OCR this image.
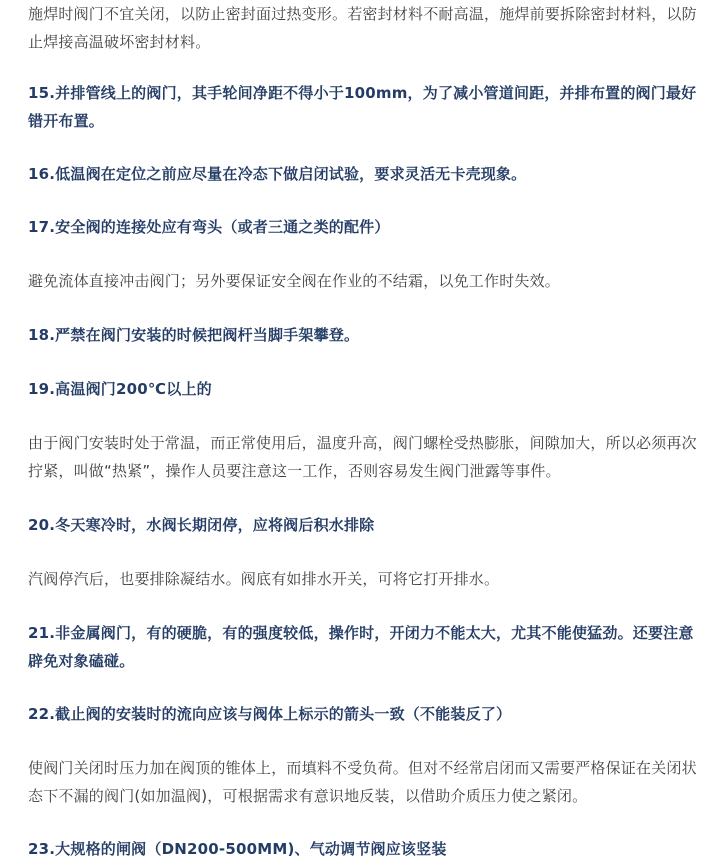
施焊时阀门不宜关闭，以防止密封面过热变形。若密封材料不耐高温，施焊前要拆除密封材料，以防止焊接高温破坏密封材料。

15.并排管线上的阀门，其手轮间净距不得小于100mm，为了减小管道间距，并排布置的阀门最好错开布置。

16.低温阀在定位之前应尽量在冷态下做启闭试验，要求灵活无卡壳现象。

17.安全阀的连接处应有弯头（或者三通之类的配件）

避免流体直接冲击阀门；另外要保证安全阀在作业的不结霜，以免工作时失效。

18.严禁在阀门安装的时候把阀杆当脚手架攀登。

19.高温阀门200℃以上的

由于阀门安装时处于常温，而正常使用后，温度升高，阀门螺栓受热膨胀，间隙加大，所以必须再次拧紧，叫做“热紧”，操作人员要注意这一工作，否则容易发生阀门泄露等事件。

20.冬天寒冷时，水阀长期闭停，应将阀后积水排除

汽阀停汽后，也要排除凝结水。阀底有如排水开关，可将它打开排水。

21.非金属阀门，有的硬脆，有的强度较低，操作时，开闭力不能太大，尤其不能使猛劲。还要注意辟免对象磕碰。

22.截止阀的安装时的流向应该与阀体上标示的箭头一致（不能装反了）

使阀门关闭时压力加在阀顶的锥体上，而填料不受负荷。但对不经常启闭而又需要严格保证在关闭状态下不漏的阀门(如加温阀)，可根据需求有意识地反装，以借助介质压力使之紧闭。

23.大规格的闸阀（DN200-500MM)、气动调节阀应该竖装
